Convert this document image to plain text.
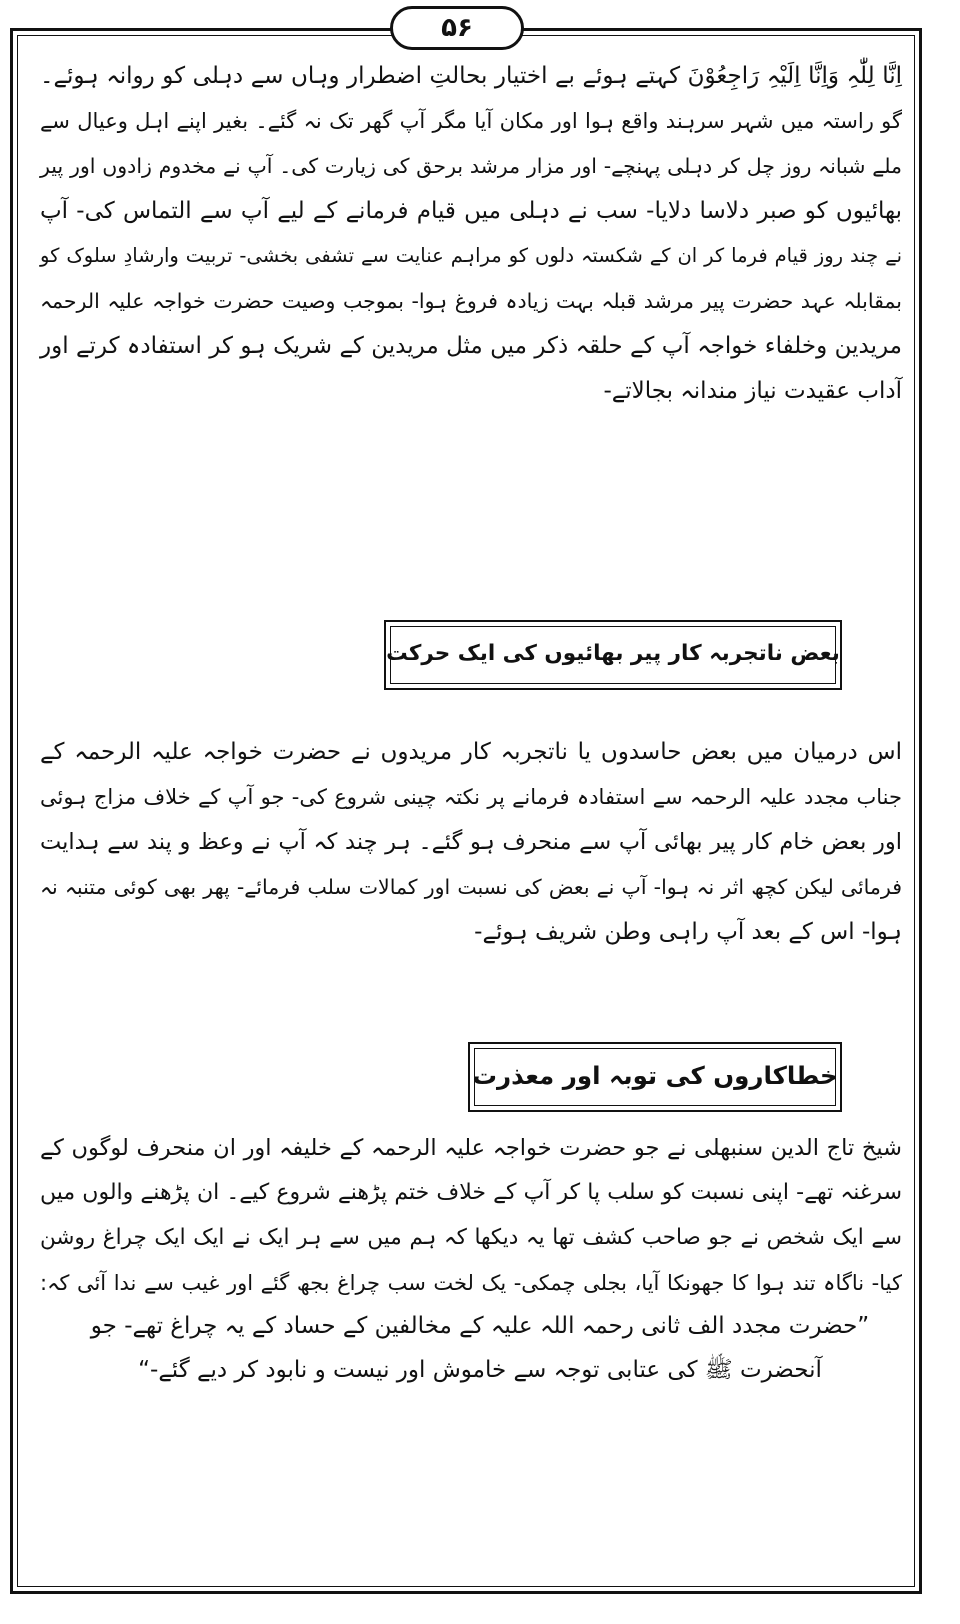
۵۶

اِنَّا لِلّٰہِ وَاِنَّا اِلَیْہِ رَاجِعُوْنَ کہتے ہوئے بے اختیار بحالتِ اضطرار وہاں سے دہلی کو روانہ ہوئے۔
گو راستہ میں شہر سرہند واقع ہوا اور مکان آیا مگر آپ گھر تک نہ گئے۔ بغیر اپنے اہل وعیال سے
ملے شبانہ روز چل کر دہلی پہنچے- اور مزار مرشد برحق کی زیارت کی۔ آپ نے مخدوم زادوں اور پیر
بھائیوں کو صبر دلاسا دلایا- سب نے دہلی میں قیام فرمانے کے لیے آپ سے التماس کی- آپ
نے چند روز قیام فرما کر ان کے شکستہ دلوں کو مراہم عنایت سے تشفی بخشی- تربیت وارشادِ سلوک کو
بمقابلہ عہد حضرت پیر مرشد قبلہ بہت زیادہ فروغ ہوا- بموجب وصیت حضرت خواجہ علیہ الرحمہ
مریدین وخلفاء خواجہ آپ کے حلقہ ذکر میں مثل مریدین کے شریک ہو کر استفادہ کرتے اور
آداب عقیدت نیاز مندانہ بجالاتے-

بعض ناتجربہ کار پیر بھائیوں کی ایک حرکت

اس درمیان میں بعض حاسدوں یا ناتجربہ کار مریدوں نے حضرت خواجہ علیہ الرحمہ کے
جناب مجدد علیہ الرحمہ سے استفادہ فرمانے پر نکتہ چینی شروع کی- جو آپ کے خلاف مزاج ہوئی
اور بعض خام کار پیر بھائی آپ سے منحرف ہو گئے۔ ہر چند کہ آپ نے وعظ و پند سے ہدایت
فرمائی لیکن کچھ اثر نہ ہوا- آپ نے بعض کی نسبت اور کمالات سلب فرمائے- پھر بھی کوئی متنبہ نہ
ہوا- اس کے بعد آپ راہی وطن شریف ہوئے-

خطاکاروں کی توبہ اور معذرت

شیخ تاج الدین سنبھلی نے جو حضرت خواجہ علیہ الرحمہ کے خلیفہ اور ان منحرف لوگوں کے
سرغنہ تھے- اپنی نسبت کو سلب پا کر آپ کے خلاف ختم پڑھنے شروع کیے۔ ان پڑھنے والوں میں
سے ایک شخص نے جو صاحب کشف تھا یہ دیکھا کہ ہم میں سے ہر ایک نے ایک ایک چراغ روشن
کیا- ناگاہ تند ہوا کا جھونکا آیا، بجلی چمکی- یک لخت سب چراغ بجھ گئے اور غیب سے ندا آئی کہ:

”حضرت مجدد الف ثانی رحمہ اللہ علیہ کے مخالفین کے حساد کے یہ چراغ تھے- جو
آنحضرت ﷺ کی عتابی توجہ سے خاموش اور نیست و نابود کر دیے گئے-“
